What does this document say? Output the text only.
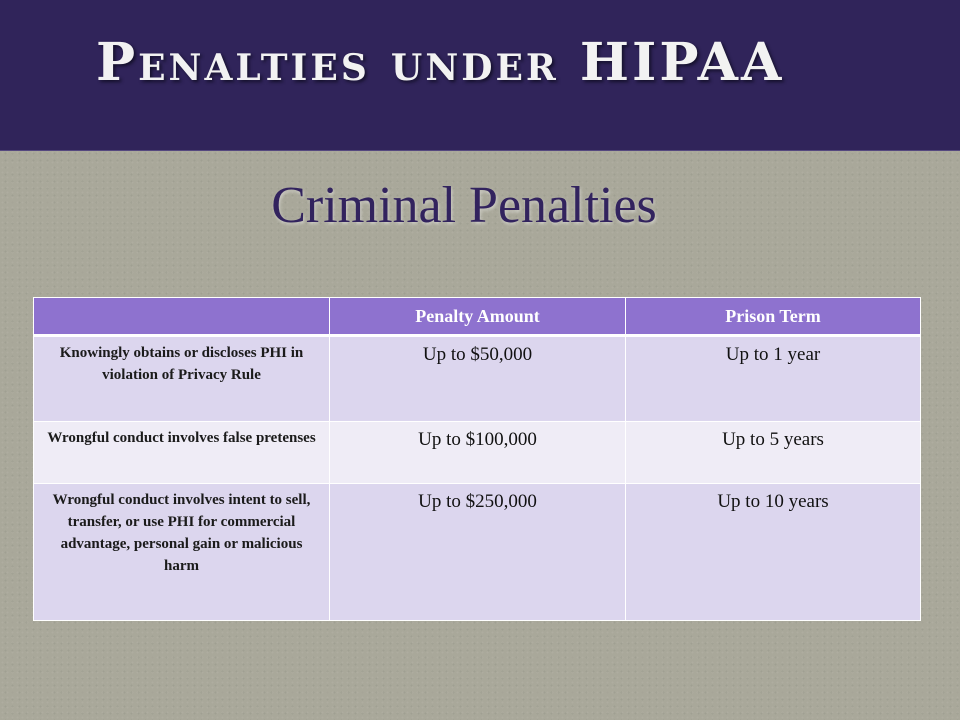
Penalties under HIPAA
Criminal Penalties
	Penalty Amount	Prison Term
Knowingly obtains or discloses PHI in violation of Privacy Rule	Up to $50,000	Up to 1 year
Wrongful conduct involves false pretenses	Up to $100,000	Up to 5 years
Wrongful conduct involves intent to sell, transfer, or use PHI for commercial advantage, personal gain or malicious harm	Up to $250,000	Up to 10 years
